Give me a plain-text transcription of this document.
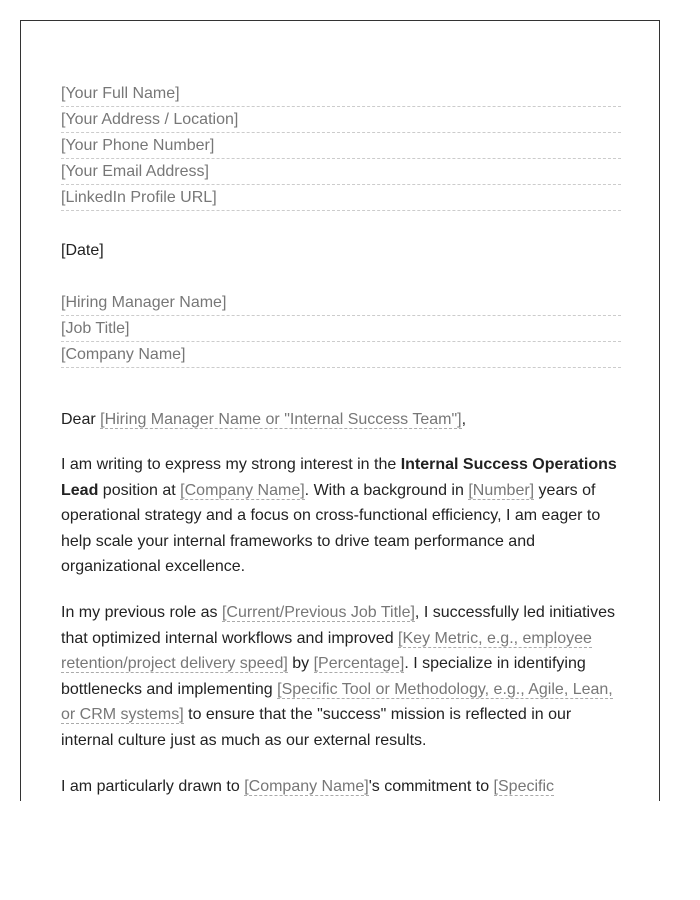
[Your Full Name]
[Your Address / Location]
[Your Phone Number]
[Your Email Address]
[LinkedIn Profile URL]
[Date]
[Hiring Manager Name]
[Job Title]
[Company Name]
Dear [Hiring Manager Name or "Internal Success Team"],

I am writing to express my strong interest in the Internal Success Operations Lead position at [Company Name]. With a background in [Number] years of operational strategy and a focus on cross-functional efficiency, I am eager to help scale your internal frameworks to drive team performance and organizational excellence.

In my previous role as [Current/Previous Job Title], I successfully led initiatives that optimized internal workflows and improved [Key Metric, e.g., employee retention/project delivery speed] by [Percentage]. I specialize in identifying bottlenecks and implementing [Specific Tool or Methodology, e.g., Agile, Lean, or CRM systems] to ensure that the "success" mission is reflected in our internal culture just as much as our external results.

I am particularly drawn to [Company Name]'s commitment to [Specific
